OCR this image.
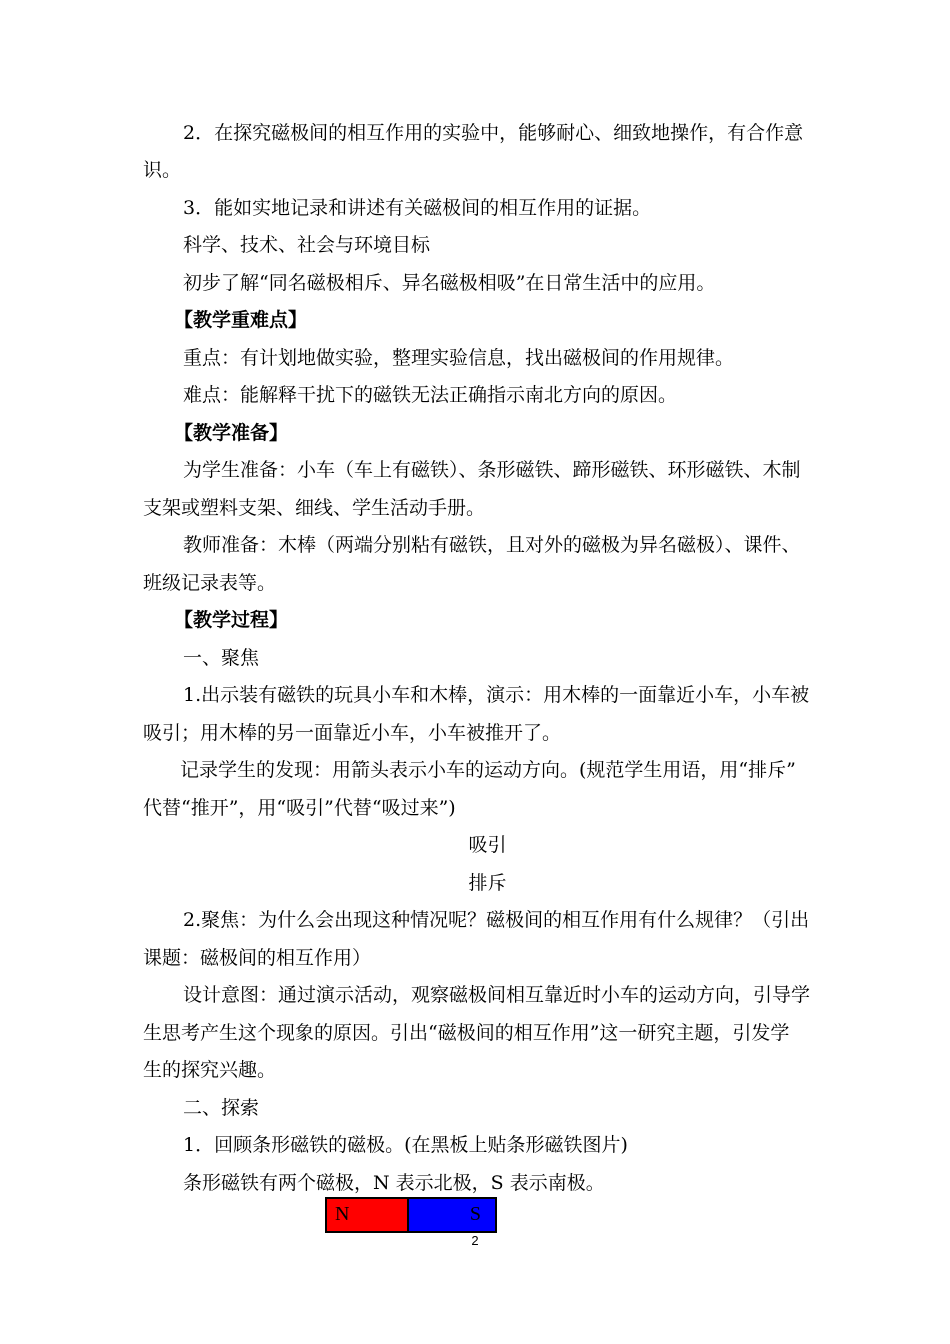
2．在探究磁极间的相互作用的实验中，能够耐心、细致地操作，有合作意
识。
3．能如实地记录和讲述有关磁极间的相互作用的证据。
科学、技术、社会与环境目标
初步了解“同名磁极相斥、异名磁极相吸”在日常生活中的应用。
【教学重难点】
重点：有计划地做实验，整理实验信息，找出磁极间的作用规律。
难点：能解释干扰下的磁铁无法正确指示南北方向的原因。
【教学准备】
为学生准备：小车（车上有磁铁）、条形磁铁、蹄形磁铁、环形磁铁、木制
支架或塑料支架、细线、学生活动手册。
教师准备：木棒（两端分别粘有磁铁，且对外的磁极为异名磁极）、课件、
班级记录表等。
【教学过程】
一、聚焦
1.出示装有磁铁的玩具小车和木棒，演示：用木棒的一面靠近小车，小车被
吸引；用木棒的另一面靠近小车，小车被推开了。
记录学生的发现：用箭头表示小车的运动方向。(规范学生用语，用“排斥”
代替“推开”，用“吸引”代替“吸过来”)
吸引
排斥
2.聚焦：为什么会出现这种情况呢？磁极间的相互作用有什么规律？（引出
课题：磁极间的相互作用）
设计意图：通过演示活动，观察磁极间相互靠近时小车的运动方向，引导学
生思考产生这个现象的原因。引出“磁极间的相互作用”这一研究主题，引发学
生的探究兴趣。
二、探索
1．回顾条形磁铁的磁极。(在黑板上贴条形磁铁图片)
条形磁铁有两个磁极，N 表示北极，S 表示南极。
N	S
2
